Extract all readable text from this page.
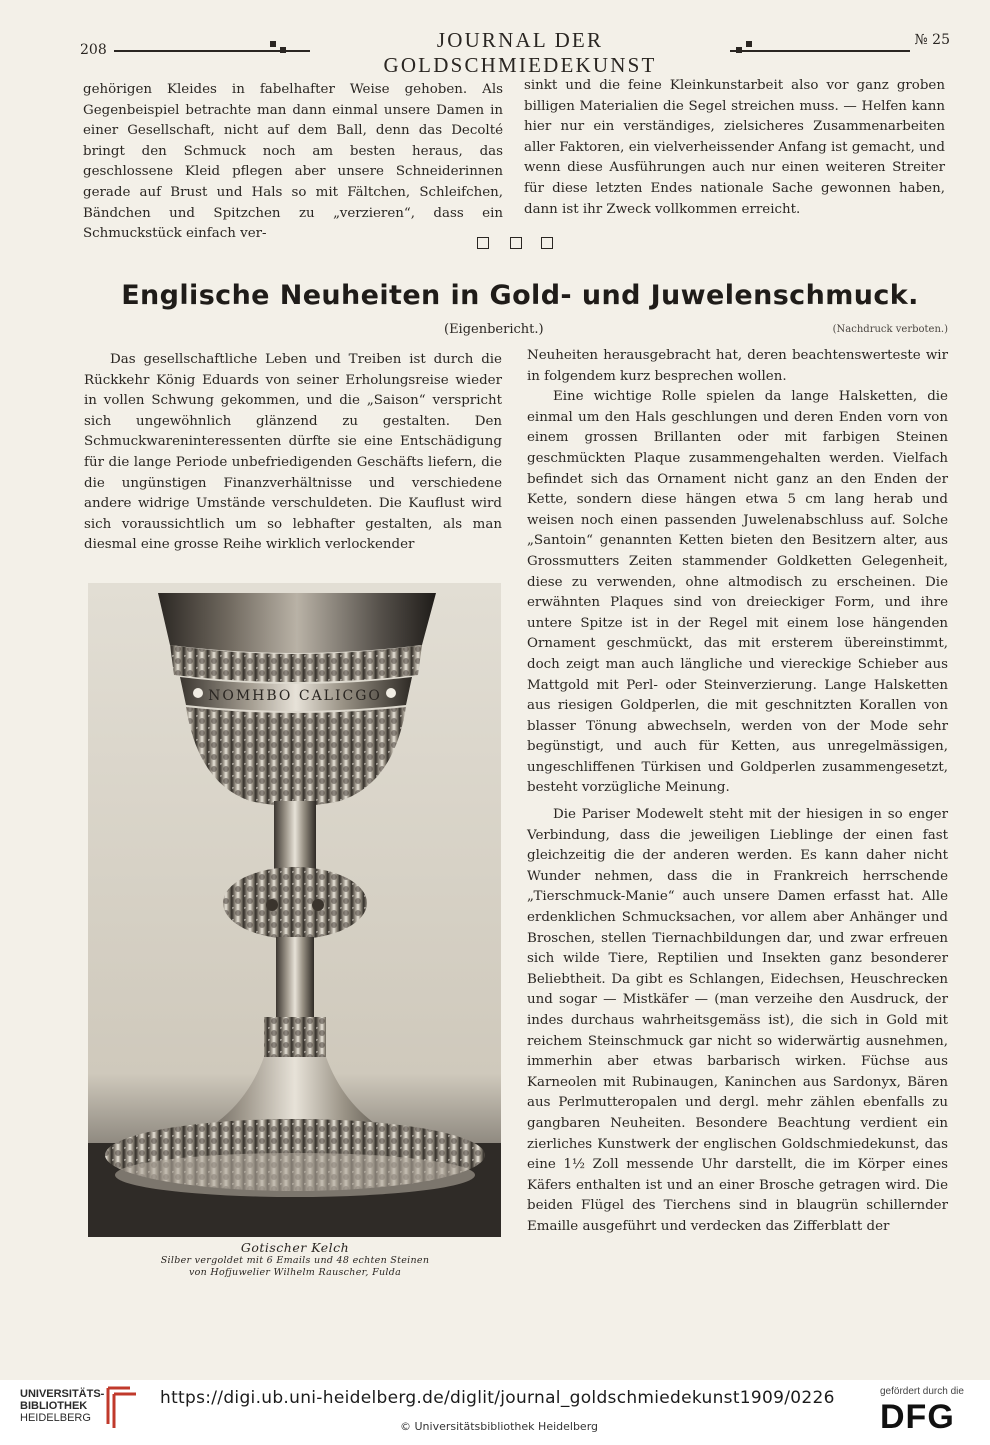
208	JOURNAL DER GOLDSCHMIEDEKUNST
№ 25

gehörigen Kleides in fabelhafter Weise gehoben. Als Gegenbeispiel betrachte man dann einmal unsere Damen in einer Gesellschaft, nicht auf dem Ball, denn das Decolté bringt den Schmuck noch am besten heraus, das geschlossene Kleid pflegen aber unsere Schneiderinnen gerade auf Brust und Hals so mit Fältchen, Schleifchen, Bändchen und Spitzchen zu „verzieren“, dass ein Schmuckstück einfach ver-

sinkt und die feine Kleinkunstarbeit also vor ganz groben billigen Materialien die Segel streichen muss. — Helfen kann hier nur ein verständiges, zielsicheres Zusammenarbeiten aller Faktoren, ein vielverheissender Anfang ist gemacht, und wenn diese Ausführungen auch nur einen weiteren Streiter für diese letzten Endes nationale Sache gewonnen haben, dann ist ihr Zweck vollkommen erreicht.

Englische Neuheiten in Gold- und Juwelenschmuck.
(Eigenbericht.)	(Nachdruck verboten.)

Das gesellschaftliche Leben und Treiben ist durch die Rückkehr König Eduards von seiner Erholungsreise wieder in vollen Schwung gekommen, und die „Saison“ verspricht sich ungewöhnlich glänzend zu gestalten. Den Schmuckwareninteressenten dürfte sie eine Entschädigung für die lange Periode unbefriedigenden Geschäfts liefern, die die ungünstigen Finanzverhältnisse und verschiedene andere widrige Umstände verschuldeten. Die Kauflust wird sich voraussichtlich um so lebhafter gestalten, als man diesmal eine grosse Reihe wirklich verlockender

Neuheiten herausgebracht hat, deren beachtenswerteste wir in folgendem kurz besprechen wollen.

Eine wichtige Rolle spielen da lange Halsketten, die einmal um den Hals geschlungen und deren Enden vorn von einem grossen Brillanten oder mit farbigen Steinen geschmückten Plaque zusammengehalten werden. Vielfach befindet sich das Ornament nicht ganz an den Enden der Kette, sondern diese hängen etwa 5 cm lang herab und weisen noch einen passenden Juwelenabschluss auf. Solche „Santoin“ genannten Ketten bieten den Besitzern alter, aus Grossmutters Zeiten stammender Goldketten Gelegenheit, diese zu verwenden, ohne altmodisch zu erscheinen. Die erwähnten Plaques sind von dreieckiger Form, und ihre untere Spitze ist in der Regel mit einem lose hängenden Ornament geschmückt, das mit ersterem übereinstimmt, doch zeigt man auch längliche und viereckige Schieber aus Mattgold mit Perl- oder Steinverzierung. Lange Halsketten aus riesigen Goldperlen, die mit geschnitzten Korallen von blasser Tönung abwechseln, werden von der Mode sehr begünstigt, und auch für Ketten, aus unregelmässigen, ungeschliffenen Türkisen und Goldperlen zusammengesetzt, besteht vorzügliche Meinung.

Die Pariser Modewelt steht mit der hiesigen in so enger Verbindung, dass die jeweiligen Lieblinge der einen fast gleichzeitig die der anderen werden. Es kann daher nicht Wunder nehmen, dass die in Frankreich herrschende „Tierschmuck-Manie“ auch unsere Damen erfasst hat. Alle erdenklichen Schmucksachen, vor allem aber Anhänger und Broschen, stellen Tiernachbildungen dar, und zwar erfreuen sich wilde Tiere, Reptilien und Insekten ganz besonderer Beliebtheit. Da gibt es Schlangen, Eidechsen, Heuschrecken und sogar — Mistkäfer — (man verzeihe den Ausdruck, der indes durchaus wahrheitsgemäss ist), die sich in Gold mit reichem Steinschmuck gar nicht so widerwärtig ausnehmen, immerhin aber etwas barbarisch wirken. Füchse aus Karneolen mit Rubinaugen, Kaninchen aus Sardonyx, Bären aus Perlmutteropalen und dergl. mehr zählen ebenfalls zu gangbaren Neuheiten. Besondere Beachtung verdient ein zierliches Kunstwerk der englischen Goldschmiedekunst, das eine 1½ Zoll messende Uhr darstellt, die im Körper eines Käfers enthalten ist und an einer Brosche getragen wird. Die beiden Flügel des Tierchens sind in blaugrün schillernder Emaille ausgeführt und verdecken das Zifferblatt der

NOMHBO CALICGO
Gotischer Kelch
Silber vergoldet mit 6 Emails und 48 echten Steinen
von Hofjuwelier Wilhelm Rauscher, Fulda
UNIVERSITÄTS-
BIBLIOTHEK
HEIDELBERG
https://digi.ub.uni-heidelberg.de/diglit/journal_goldschmiedekunst1909/0226
© Universitätsbibliothek Heidelberg
gefördert durch die
DFG
